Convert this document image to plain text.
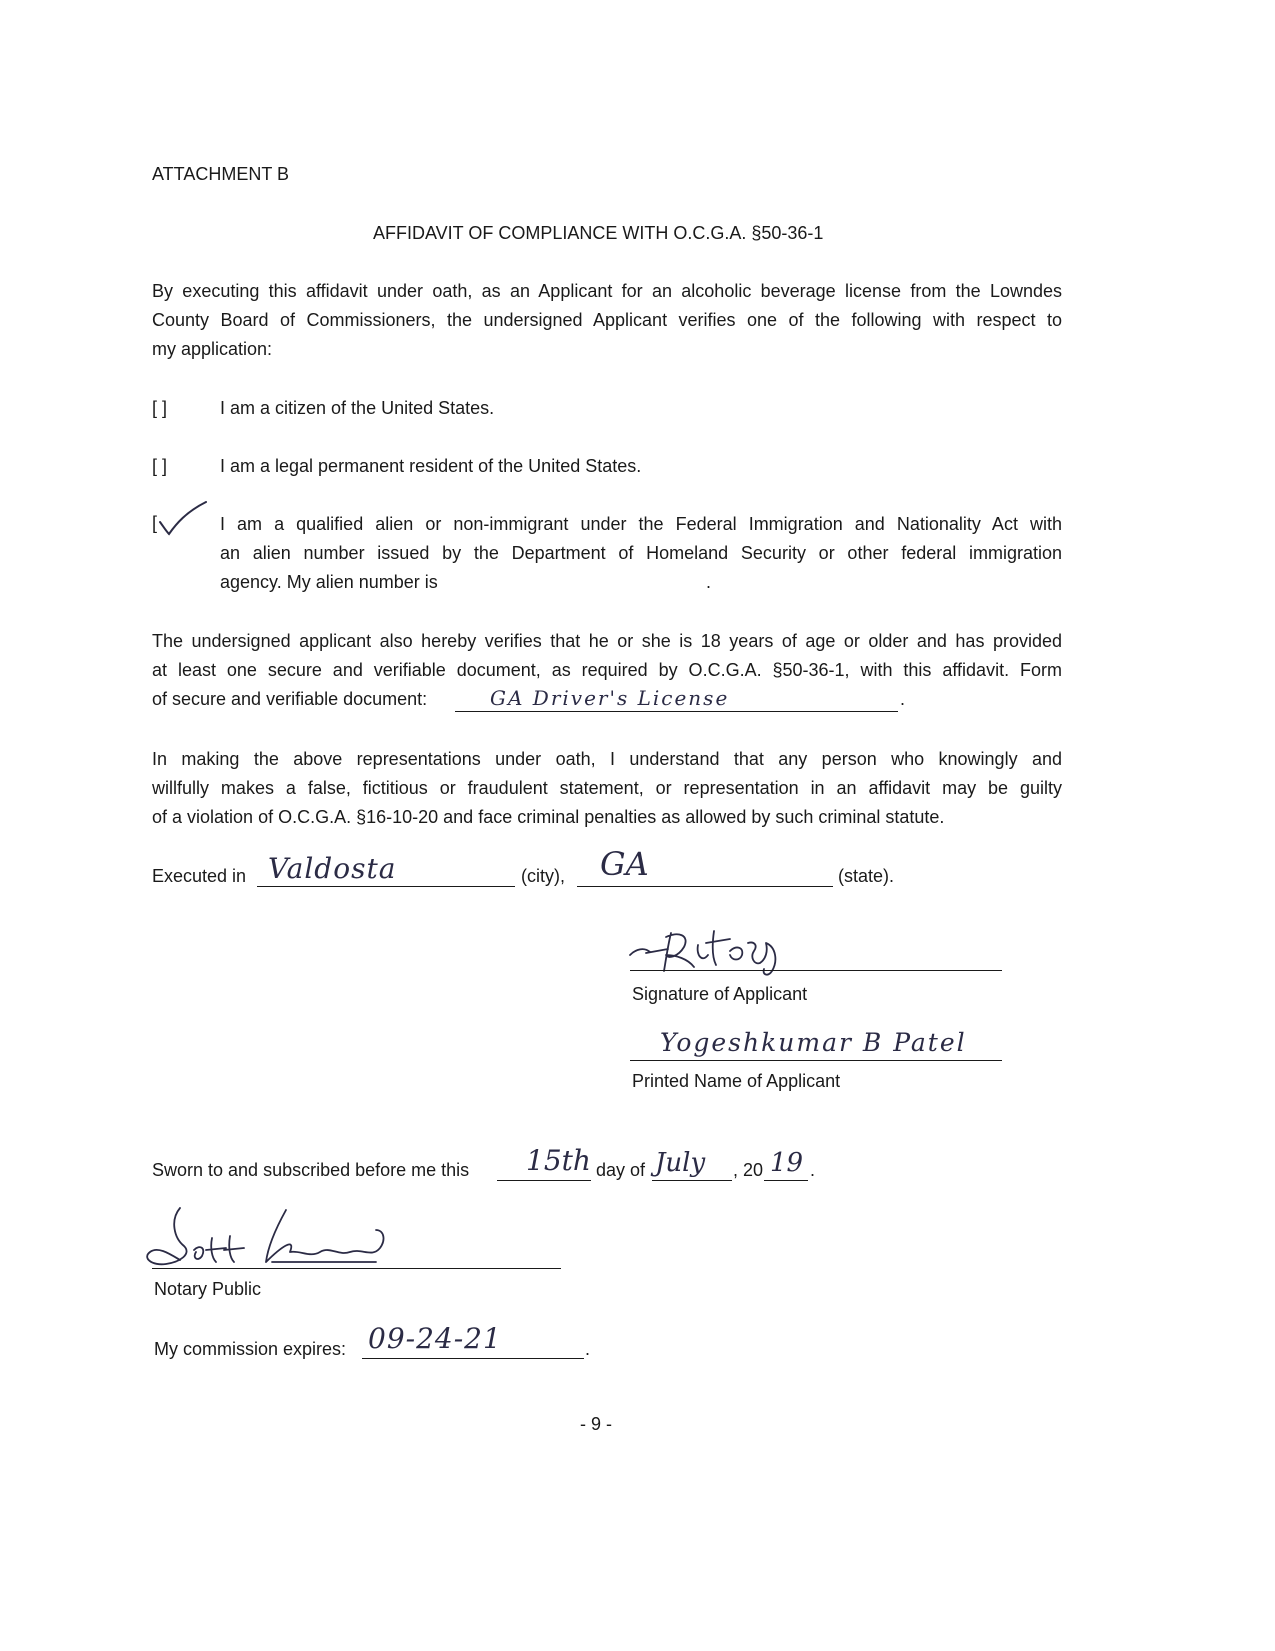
ATTACHMENT B
AFFIDAVIT OF COMPLIANCE WITH O.C.G.A. §50-36-1
By executing this affidavit under oath, as an Applicant for an alcoholic beverage license from the Lowndes
County Board of Commissioners, the undersigned Applicant verifies one of the following with respect to
my application:
[ ]	I am a citizen of the United States.
[ ]	I am a legal permanent resident of the United States.
[	I am a qualified alien or non-immigrant under the Federal Immigration and Nationality Act with
an alien number issued by the Department of Homeland Security or other federal immigration
agency. My alien number is	.
The undersigned applicant also hereby verifies that he or she is 18 years of age or older and has provided
at least one secure and verifiable document, as required by O.C.G.A. §50-36-1, with this affidavit. Form
of secure and verifiable document:	GA Driver's License	.
In making the above representations under oath, I understand that any person who knowingly and
willfully makes a false, fictitious or fraudulent statement, or representation in an affidavit may be guilty
of a violation of O.C.G.A. §16-10-20 and face criminal penalties as allowed by such criminal statute.
Executed in Valdosta	(city), GA	(state).
Signature of Applicant
Yogeshkumar B Patel
Printed Name of Applicant
Sworn to and subscribed before me this 15th day of July , 20 19 .
Notary Public
My commission expires: 09-24-21	.
- 9 -
